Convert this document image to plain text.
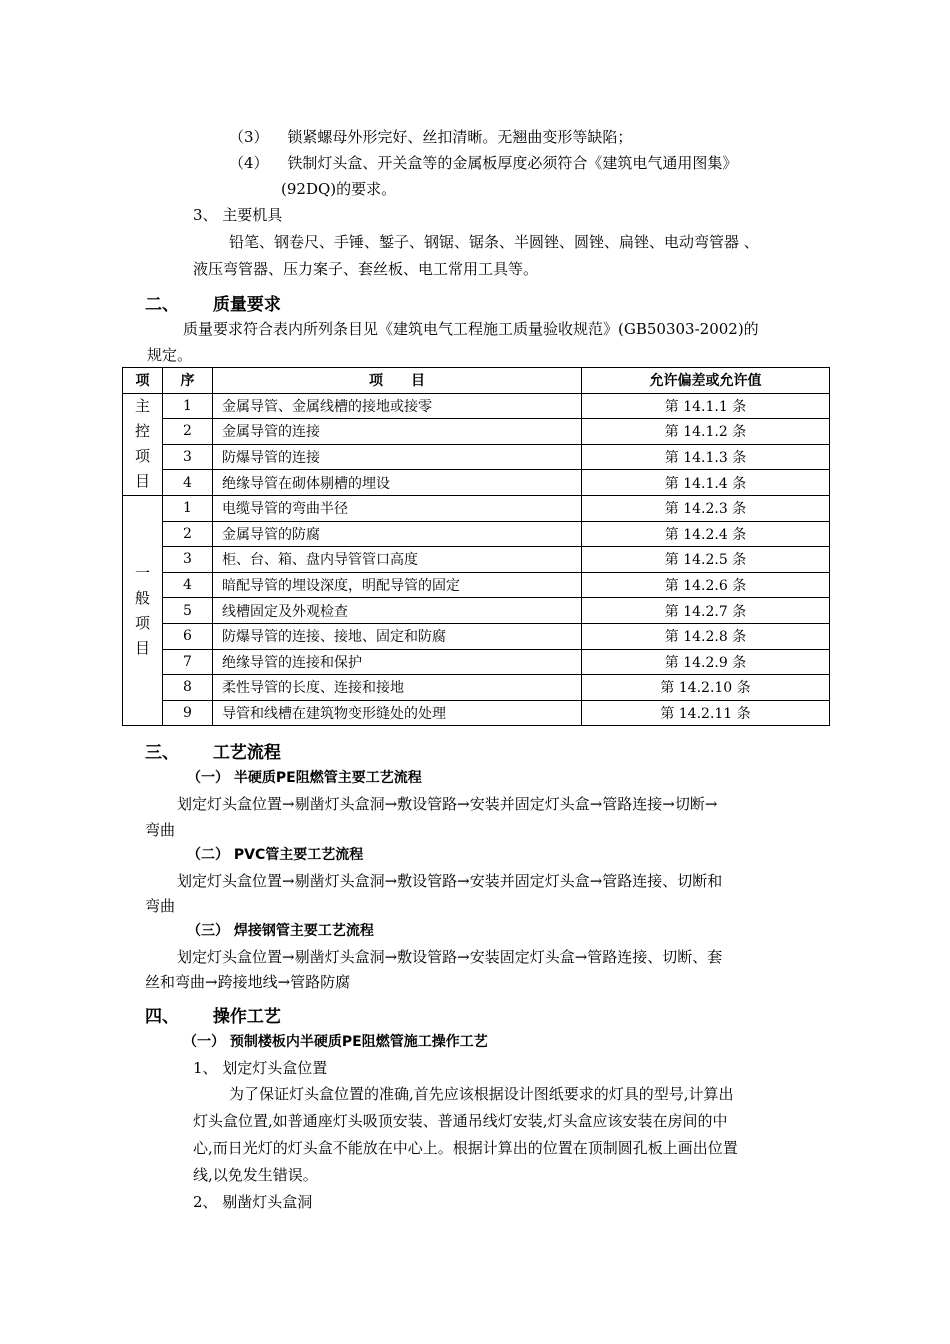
（3） 锁紧螺母外形完好、丝扣清晰。无翘曲变形等缺陷；
（4） 铁制灯头盒、开关盒等的金属板厚度必须符合《建筑电气通用图集》
(92DQ)的要求。
3、 主要机具
铅笔、钢卷尺、手锤、錾子、钢锯、锯条、半圆锉、圆锉、扁锉、电动弯管器 、
液压弯管器、压力案子、套丝板、电工常用工具等。
二、 质量要求
质量要求符合表内所列条目见《建筑电气工程施工质量验收规范》(GB50303-2002)的
规定。
项	序	项　　目	允许偏差或允许值

主
控
项
目	1	金属导管、金属线槽的接地或接零	第 14.1.1 条
	2	金属导管的连接	第 14.1.2 条
	3	防爆导管的连接	第 14.1.3 条
	4	绝缘导管在砌体剔槽的埋设	第 14.1.4 条

一
般
项
目	1	电缆导管的弯曲半径	第 14.2.3 条
	2	金属导管的防腐	第 14.2.4 条
	3	柜、台、箱、盘内导管管口高度	第 14.2.5 条
	4	暗配导管的埋设深度，明配导管的固定	第 14.2.6 条
	5	线槽固定及外观检查	第 14.2.7 条
	6	防爆导管的连接、接地、固定和防腐	第 14.2.8 条
	7	绝缘导管的连接和保护	第 14.2.9 条
	8	柔性导管的长度、连接和接地	第 14.2.10 条
	9	导管和线槽在建筑物变形缝处的处理	第 14.2.11 条
三、 工艺流程
（一） 半硬质PE阻燃管主要工艺流程
划定灯头盒位置→剔凿灯头盒洞→敷设管路→安装并固定灯头盒→管路连接→切断→
弯曲
（二） PVC管主要工艺流程
划定灯头盒位置→剔凿灯头盒洞→敷设管路→安装并固定灯头盒→管路连接、切断和
弯曲
（三） 焊接钢管主要工艺流程
划定灯头盒位置→剔凿灯头盒洞→敷设管路→安装固定灯头盒→管路连接、切断、套
丝和弯曲→跨接地线→管路防腐
四、 操作工艺
（一） 预制楼板内半硬质PE阻燃管施工操作工艺
1、 划定灯头盒位置
为了保证灯头盒位置的准确,首先应该根据设计图纸要求的灯具的型号,计算出
灯头盒位置,如普通座灯头吸顶安装、普通吊线灯安装,灯头盒应该安装在房间的中
心,而日光灯的灯头盒不能放在中心上。根据计算出的位置在顶制圆孔板上画出位置
线,以免发生错误。
2、 剔凿灯头盒洞
